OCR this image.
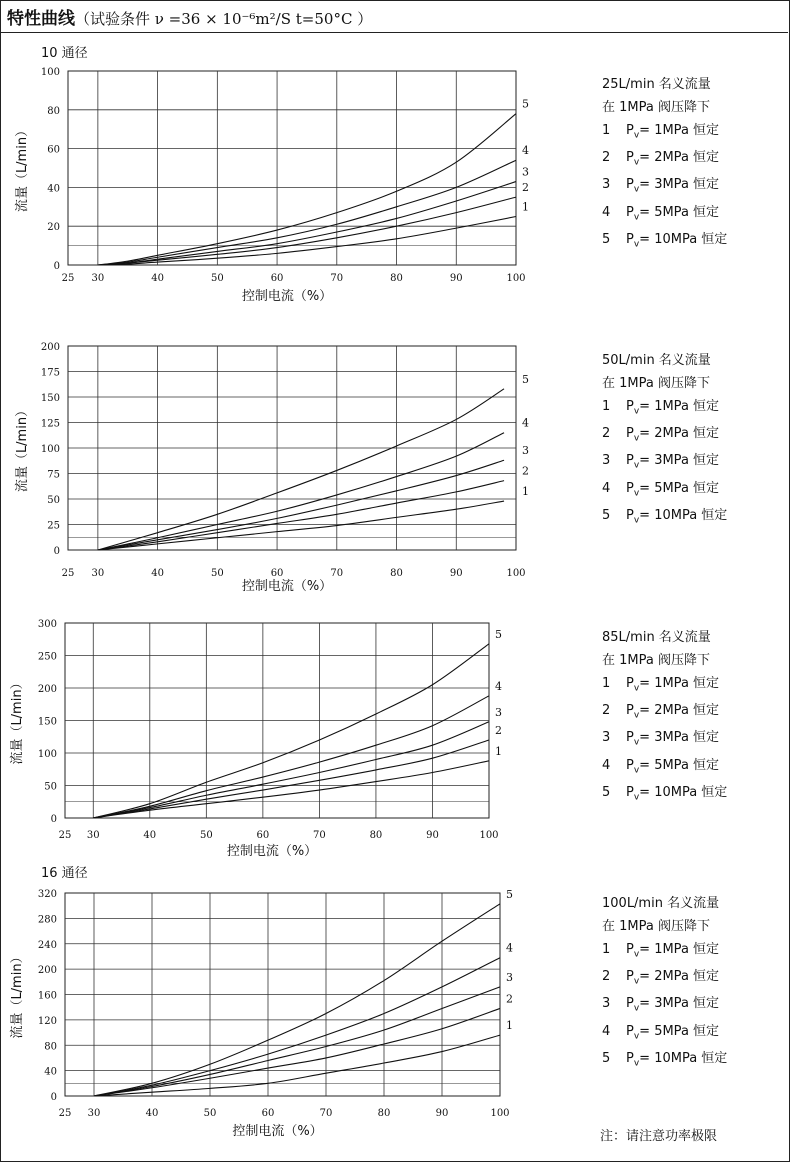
特性曲线（试验条件 ν =36 × 10⁻⁶m²/S t=50°C ）
10 通径
25 30	40	50	60	70	80	90	100
0
20
40
60
80
100
控制电流（%）
流量（L/min）	1
2
3
4
5
25L/min 名义流量
在 1MPa 阀压降下
1 $P_v= 1MPa$ 恒定
2 $P_v= 2MPa$ 恒定
3 $P_v= 3MPa$ 恒定
4 $P_v= 5MPa$ 恒定
5 $P_v= 10MPa$ 恒定
25 30	40	50	60	70	80	90	100
0
25
50
75
100
125
150
175
200
控制电流（%）
流量（L/min）	1
2
3
4
5
50L/min 名义流量
在 1MPa 阀压降下
1 $P_v= 1MPa$ 恒定
2 $P_v= 2MPa$ 恒定
3 $P_v= 3MPa$ 恒定
4 $P_v= 5MPa$ 恒定
5 $P_v= 10MPa$ 恒定
25 30	40	50	60	70	80	90	100
0
50
100
150
200
250
300
控制电流（%）
流量（L/min）	1
2
3
4
5	85L/min 名义流量
在 1MPa 阀压降下
1 $P_v= 1MPa$ 恒定
2 $P_v= 2MPa$ 恒定
3 $P_v= 3MPa$ 恒定
4 $P_v= 5MPa$ 恒定
5 $P_v= 10MPa$ 恒定
16 通径
25 30	40	50	60	70	80	90	100
0
40
80
120
160
200
240
280
320
控制电流（%）
流量（L/min）	1
2
3
4
5
100L/min 名义流量
在 1MPa 阀压降下
1 $P_v= 1MPa$ 恒定
2 $P_v= 2MPa$ 恒定
3 $P_v= 3MPa$ 恒定
4 $P_v= 5MPa$ 恒定
5 $P_v= 10MPa$ 恒定
注：请注意功率极限
